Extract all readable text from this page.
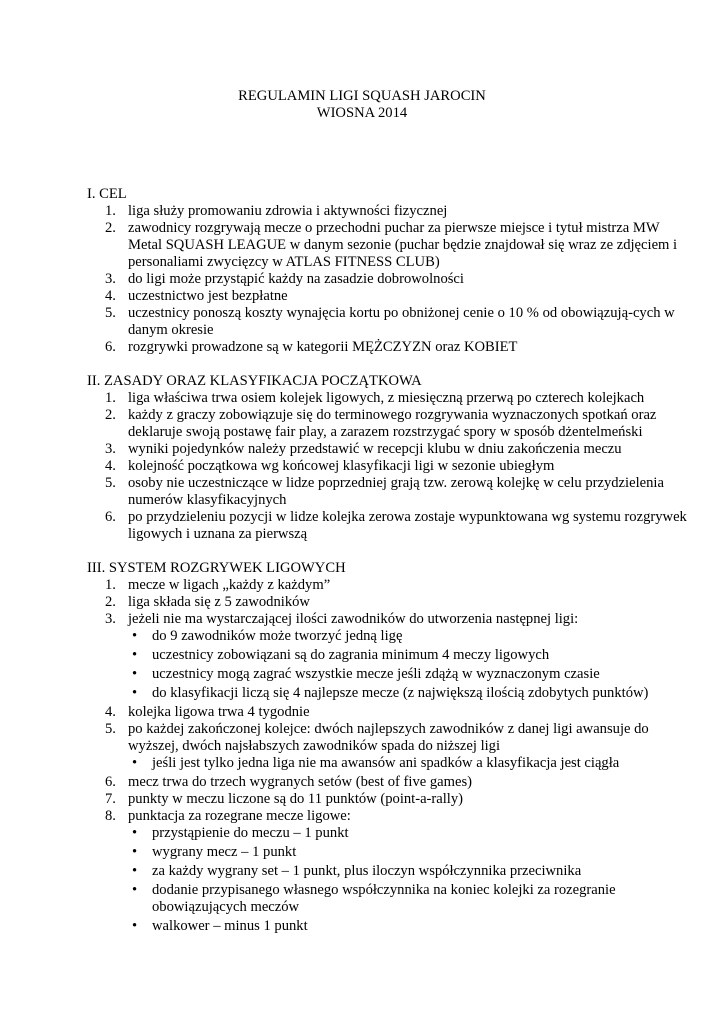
REGULAMIN LIGI SQUASH JAROCIN
WIOSNA 2014
I. CEL
1. liga służy promowaniu zdrowia i aktywności fizycznej
2. zawodnicy rozgrywają mecze o przechodni puchar za pierwsze miejsce i tytuł mistrza MW Metal SQUASH LEAGUE w danym sezonie (puchar będzie znajdował się wraz ze zdjęciem i personaliami zwycięzcy w ATLAS FITNESS CLUB)
3. do ligi może przystąpić każdy na zasadzie dobrowolności
4. uczestnictwo jest bezpłatne
5. uczestnicy ponoszą koszty wynajęcia kortu po obniżonej cenie o 10 % od obowiązują-cych w danym okresie
6. rozgrywki prowadzone są w kategorii MĘŻCZYZN oraz KOBIET
II. ZASADY ORAZ KLASYFIKACJA POCZĄTKOWA
1. liga właściwa trwa osiem kolejek ligowych, z miesięczną przerwą po czterech kolejkach
2. każdy z graczy zobowiązuje się do terminowego rozgrywania wyznaczonych spotkań oraz deklaruje swoją postawę fair play, a zarazem rozstrzygać spory w sposób dżentelmeński
3. wyniki pojedynków należy przedstawić w recepcji klubu w dniu zakończenia meczu
4. kolejność początkowa wg końcowej klasyfikacji ligi w sezonie ubiegłym
5. osoby nie uczestniczące w lidze poprzedniej grają tzw. zerową kolejkę w celu przydzielenia numerów klasyfikacyjnych
6. po przydzieleniu pozycji w lidze kolejka zerowa zostaje wypunktowana wg systemu rozgrywek ligowych i uznana za pierwszą
III. SYSTEM ROZGRYWEK LIGOWYCH
1. mecze w ligach „każdy z każdym”
2. liga składa się z 5 zawodników
3. jeżeli nie ma wystarczającej ilości zawodników do utworzenia następnej ligi:
• do 9 zawodników może tworzyć jedną ligę
• uczestnicy zobowiązani są do zagrania minimum 4 meczy ligowych
• uczestnicy mogą zagrać wszystkie mecze jeśli zdążą w wyznaczonym czasie
• do klasyfikacji liczą się 4 najlepsze mecze (z największą ilością zdobytych punktów)
4. kolejka ligowa trwa 4 tygodnie
5. po każdej zakończonej kolejce: dwóch najlepszych zawodników z danej ligi awansuje do wyższej, dwóch najsłabszych zawodników spada do niższej ligi
• jeśli jest tylko jedna liga nie ma awansów ani spadków a klasyfikacja jest ciągła
6. mecz trwa do trzech wygranych setów (best of five games)
7. punkty w meczu liczone są do 11 punktów (point-a-rally)
8. punktacja za rozegrane mecze ligowe:
• przystąpienie do meczu – 1 punkt
• wygrany mecz – 1 punkt
• za każdy wygrany set – 1 punkt, plus iloczyn współczynnika przeciwnika
• dodanie przypisanego własnego współczynnika na koniec kolejki za rozegranie obowiązujących meczów
• walkower – minus 1 punkt
